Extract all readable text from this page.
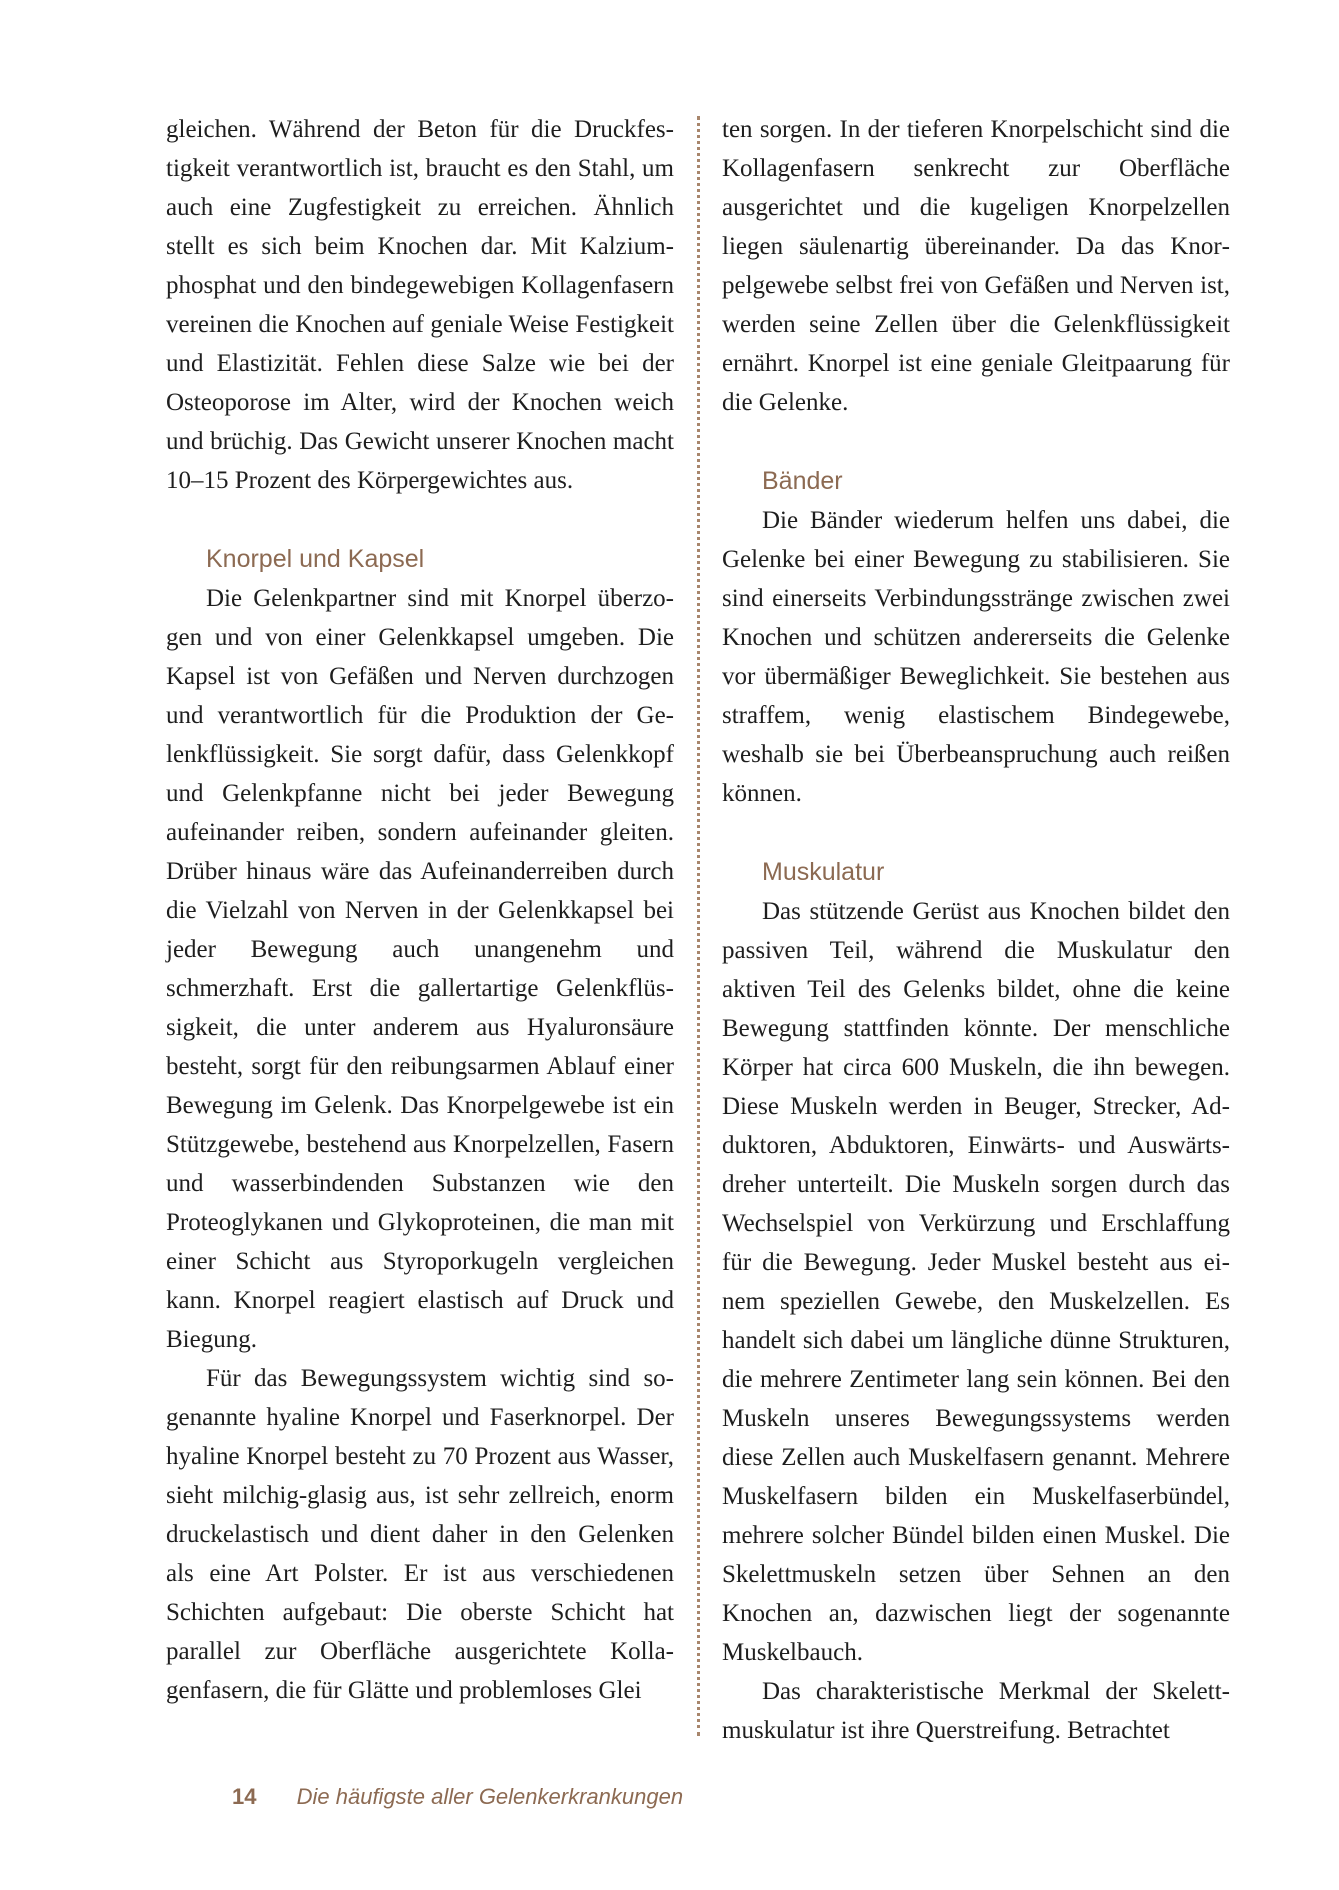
gleichen. Während der Beton für die Druckfestigkeit verantwortlich ist, braucht es den Stahl, um auch eine Zugfestigkeit zu erreichen. Ähnlich stellt es sich beim Knochen dar. Mit Kalziumphosphat und den bindegewebigen Kollagenfasern vereinen die Knochen auf geniale Weise Festigkeit und Elastizität. Fehlen diese Salze wie bei der Osteoporose im Alter, wird der Knochen weich und brüchig. Das Gewicht unserer Knochen macht 10–15 Prozent des Körpergewichtes aus.

Knorpel und Kapsel

Die Gelenkpartner sind mit Knorpel überzogen und von einer Gelenkkapsel umgeben. Die Kapsel ist von Gefäßen und Nerven durchzogen und verantwortlich für die Produktion der Gelenkflüssigkeit. Sie sorgt dafür, dass Gelenkkopf und Gelenkpfanne nicht bei jeder Bewegung aufeinander reiben, sondern aufeinander gleiten. Drüber hinaus wäre das Aufeinanderreiben durch die Vielzahl von Nerven in der Gelenkkapsel bei jeder Bewegung auch unangenehm und schmerzhaft. Erst die gallertartige Gelenkflüssigkeit, die unter anderem aus Hyaluronsäure besteht, sorgt für den reibungsarmen Ablauf einer Bewegung im Gelenk. Das Knorpelgewebe ist ein Stützgewebe, bestehend aus Knorpelzellen, Fasern und wasserbindenden Substanzen wie den Proteoglykanen und Glykoproteinen, die man mit einer Schicht aus Styroporkugeln vergleichen kann. Knorpel reagiert elastisch auf Druck und Biegung.

Für das Bewegungssystem wichtig sind sogenannte hyaline Knorpel und Faserknorpel. Der hyaline Knorpel besteht zu 70 Prozent aus Wasser, sieht milchig-glasig aus, ist sehr zellreich, enorm druckelastisch und dient daher in den Gelenken als eine Art Polster. Er ist aus verschiedenen Schichten aufgebaut: Die oberste Schicht hat parallel zur Oberfläche ausgerichtete Kollagenfasern, die für Glätte und problemloses Glei

ten sorgen. In der tieferen Knorpelschicht sind die Kollagenfasern senkrecht zur Oberfläche ausgerichtet und die kugeligen Knorpelzellen liegen säulenartig übereinander. Da das Knorpelgewebe selbst frei von Gefäßen und Nerven ist, werden seine Zellen über die Gelenkflüssigkeit ernährt. Knorpel ist eine geniale Gleitpaarung für die Gelenke.

Bänder

Die Bänder wiederum helfen uns dabei, die Gelenke bei einer Bewegung zu stabilisieren. Sie sind einerseits Verbindungsstränge zwischen zwei Knochen und schützen andererseits die Gelenke vor übermäßiger Beweglichkeit. Sie bestehen aus straffem, wenig elastischem Bindegewebe, weshalb sie bei Überbeanspruchung auch reißen können.

Muskulatur

Das stützende Gerüst aus Knochen bildet den passiven Teil, während die Muskulatur den aktiven Teil des Gelenks bildet, ohne die keine Bewegung stattfinden könnte. Der menschliche Körper hat circa 600 Muskeln, die ihn bewegen. Diese Muskeln werden in Beuger, Strecker, Adduktoren, Abduktoren, Einwärts- und Auswärtsdreher unterteilt. Die Muskeln sorgen durch das Wechselspiel von Verkürzung und Erschlaffung für die Bewegung. Jeder Muskel besteht aus einem speziellen Gewebe, den Muskelzellen. Es handelt sich dabei um längliche dünne Strukturen, die mehrere Zentimeter lang sein können. Bei den Muskeln unseres Bewegungssystems werden diese Zellen auch Muskelfasern genannt. Mehrere Muskelfasern bilden ein Muskelfaserbündel, mehrere solcher Bündel bilden einen Muskel. Die Skelettmuskeln setzen über Sehnen an den Knochen an, dazwischen liegt der sogenannte Muskelbauch.

Das charakteristische Merkmal der Skelettmuskulatur ist ihre Querstreifung. Betrachtet

14 Die häufigste aller Gelenkerkrankungen
